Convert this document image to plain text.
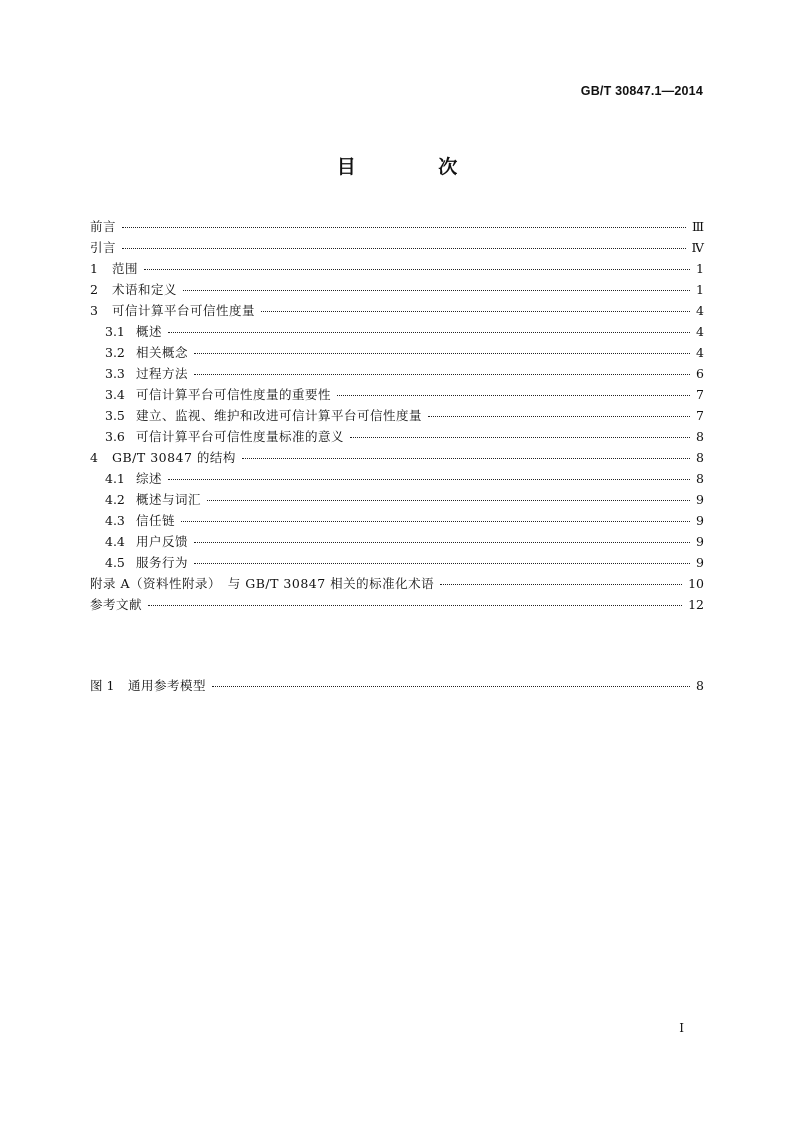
GB/T 30847.1—2014
目 次
前言	Ⅲ
引言	Ⅳ
1	范围	1
2	术语和定义	1
3	可信计算平台可信性度量	4
3.1 概述	4
3.2 相关概念	4
3.3 过程方法	6
3.4 可信计算平台可信性度量的重要性	7
3.5 建立、监视、维护和改进可信计算平台可信性度量	7
3.6 可信计算平台可信性度量标准的意义	8
4	GB/T 30847 的结构	8
4.1 综述	8
4.2 概述与词汇	9
4.3 信任链	9
4.4 用户反馈	9
4.5 服务行为	9
附录 A（资料性附录）　与 GB/T 30847 相关的标准化术语	10
参考文献	12
图 1	通用参考模型	8
Ⅰ
